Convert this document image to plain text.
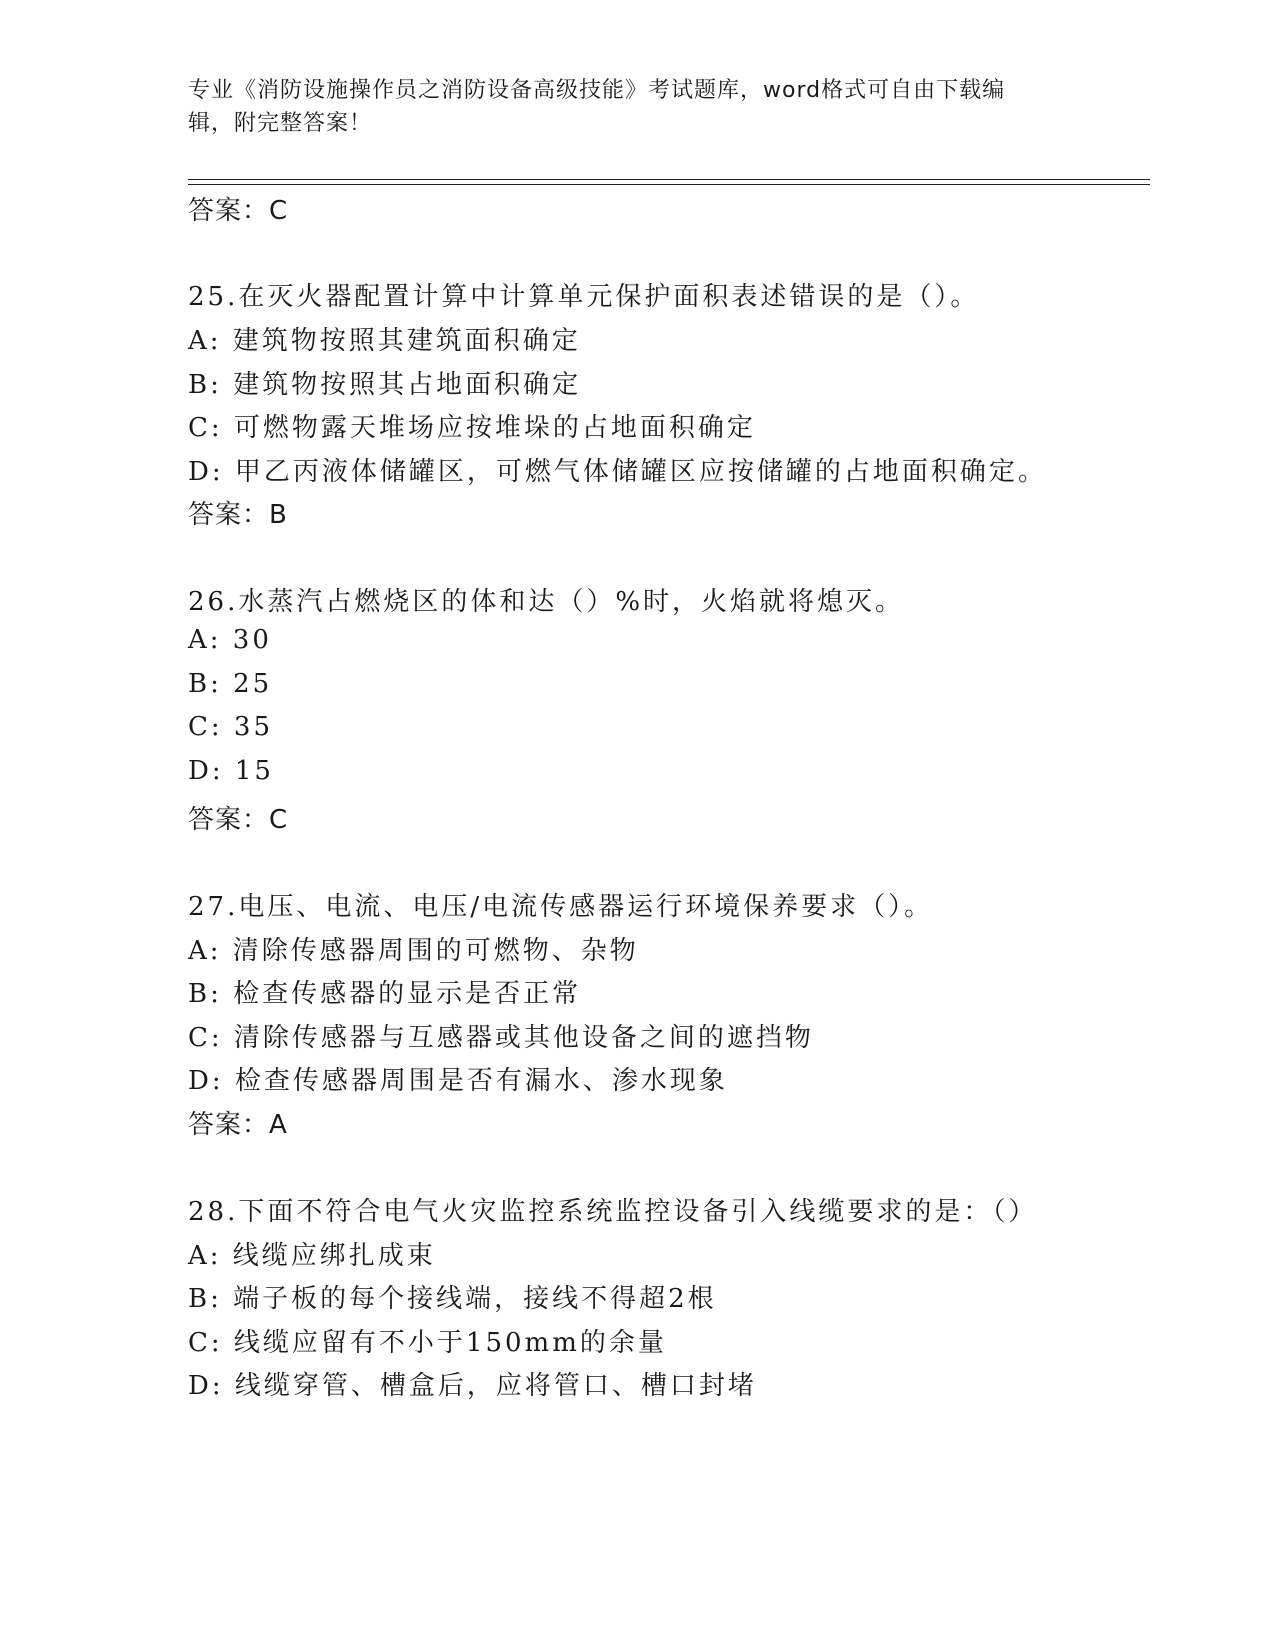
专业《消防设施操作员之消防设备高级技能》考试题库，word格式可自由下载编
辑，附完整答案！
答案：C
25.在灭火器配置计算中计算单元保护面积表述错误的是（）。
A: 建筑物按照其建筑面积确定
B: 建筑物按照其占地面积确定
C: 可燃物露天堆场应按堆垛的占地面积确定
D: 甲乙丙液体储罐区，可燃气体储罐区应按储罐的占地面积确定。
答案：B
26.水蒸汽占燃烧区的体和达（）%时，火焰就将熄灭。
A: 30
B: 25
C: 35
D: 15
答案：C
27.电压、电流、电压/电流传感器运行环境保养要求（）。
A: 清除传感器周围的可燃物、杂物
B: 检查传感器的显示是否正常
C: 清除传感器与互感器或其他设备之间的遮挡物
D: 检查传感器周围是否有漏水、渗水现象
答案：A
28.下面不符合电气火灾监控系统监控设备引入线缆要求的是：（）
A: 线缆应绑扎成束
B: 端子板的每个接线端，接线不得超2根
C: 线缆应留有不小于150mm的余量
D: 线缆穿管、槽盒后，应将管口、槽口封堵
